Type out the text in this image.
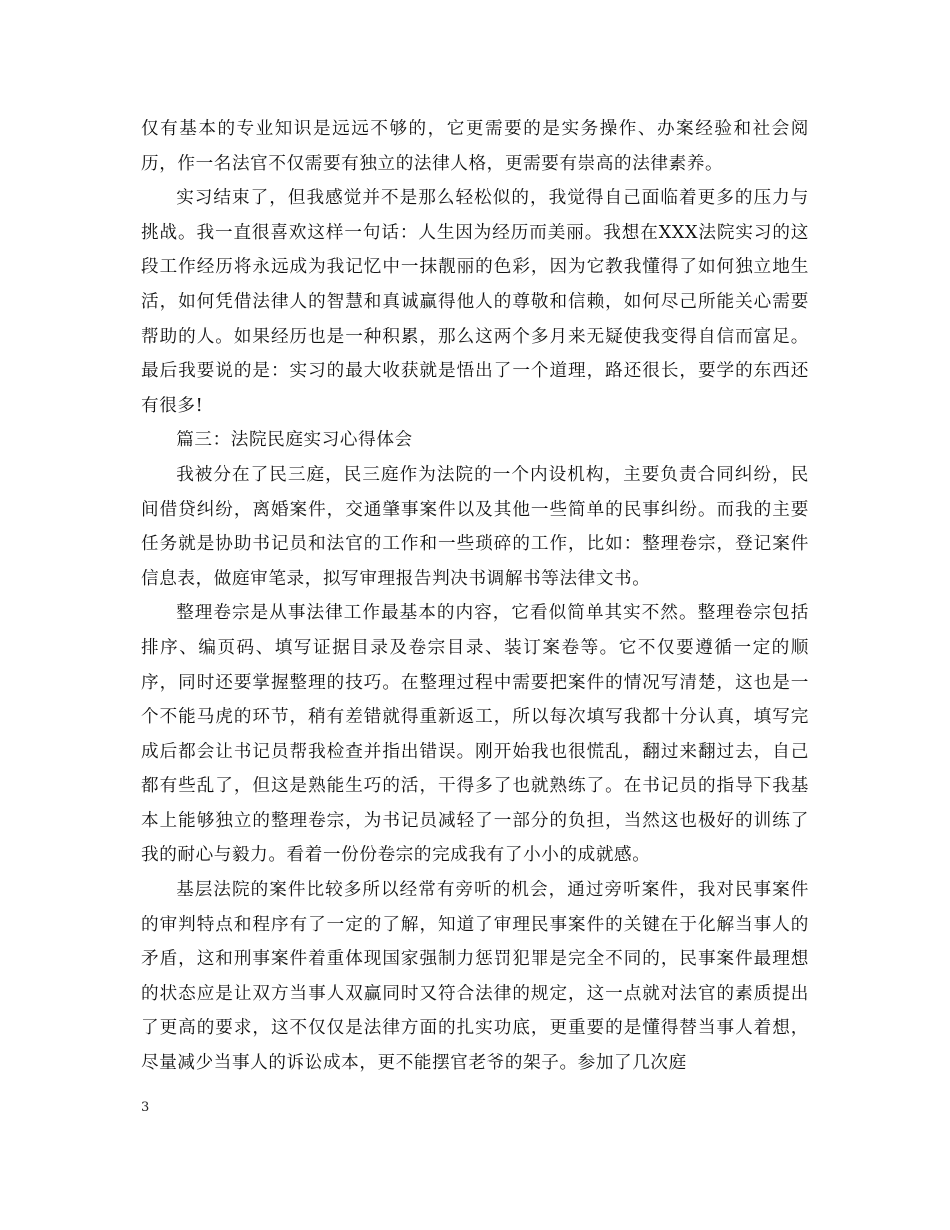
仅有基本的专业知识是远远不够的，它更需要的是实务操作、办案经验和社会阅历，作一名法官不仅需要有独立的法律人格，更需要有崇高的法律素养。

实习结束了，但我感觉并不是那么轻松似的，我觉得自己面临着更多的压力与挑战。我一直很喜欢这样一句话：人生因为经历而美丽。我想在XXX法院实习的这段工作经历将永远成为我记忆中一抹靓丽的色彩，因为它教我懂得了如何独立地生活，如何凭借法律人的智慧和真诚赢得他人的尊敬和信赖，如何尽己所能关心需要帮助的人。如果经历也是一种积累，那么这两个多月来无疑使我变得自信而富足。最后我要说的是：实习的最大收获就是悟出了一个道理，路还很长，要学的东西还有很多!

篇三：法院民庭实习心得体会

我被分在了民三庭，民三庭作为法院的一个内设机构，主要负责合同纠纷，民间借贷纠纷，离婚案件，交通肇事案件以及其他一些简单的民事纠纷。而我的主要任务就是协助书记员和法官的工作和一些琐碎的工作，比如：整理卷宗，登记案件信息表，做庭审笔录，拟写审理报告判决书调解书等法律文书。

整理卷宗是从事法律工作最基本的内容，它看似简单其实不然。整理卷宗包括排序、编页码、填写证据目录及卷宗目录、装订案卷等。它不仅要遵循一定的顺序，同时还要掌握整理的技巧。在整理过程中需要把案件的情况写清楚，这也是一个不能马虎的环节，稍有差错就得重新返工，所以每次填写我都十分认真，填写完成后都会让书记员帮我检查并指出错误。刚开始我也很慌乱，翻过来翻过去，自己都有些乱了，但这是熟能生巧的活，干得多了也就熟练了。在书记员的指导下我基本上能够独立的整理卷宗，为书记员减轻了一部分的负担，当然这也极好的训练了我的耐心与毅力。看着一份份卷宗的完成我有了小小的成就感。

基层法院的案件比较多所以经常有旁听的机会，通过旁听案件，我对民事案件的审判特点和程序有了一定的了解，知道了审理民事案件的关键在于化解当事人的矛盾，这和刑事案件着重体现国家强制力惩罚犯罪是完全不同的，民事案件最理想的状态应是让双方当事人双赢同时又符合法律的规定，这一点就对法官的素质提出了更高的要求，这不仅仅是法律方面的扎实功底，更重要的是懂得替当事人着想，尽量减少当事人的诉讼成本，更不能摆官老爷的架子。参加了几次庭

3
